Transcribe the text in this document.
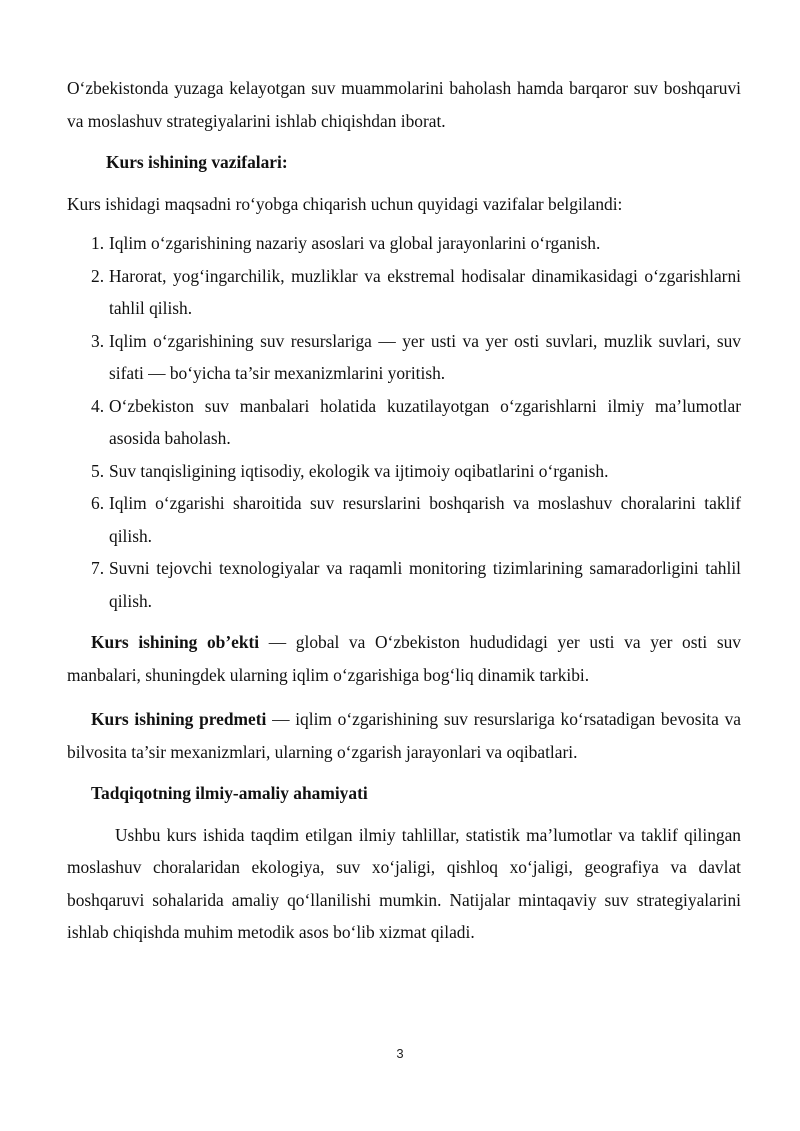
O‘zbekistonda yuzaga kelayotgan suv muammolarini baholash hamda barqaror suv boshqaruvi va moslashuv strategiyalarini ishlab chiqishdan iborat.

Kurs ishining vazifalari:

Kurs ishidagi maqsadni ro‘yobga chiqarish uchun quyidagi vazifalar belgilandi:

1. Iqlim o‘zgarishining nazariy asoslari va global jarayonlarini o‘rganish.
2. Harorat, yog‘ingarchilik, muzliklar va ekstremal hodisalar dinamikasidagi o‘zgarishlarni tahlil qilish.
3. Iqlim o‘zgarishining suv resurslariga — yer usti va yer osti suvlari, muzlik suvlari, suv sifati — bo‘yicha ta’sir mexanizmlarini yoritish.
4. O‘zbekiston suv manbalari holatida kuzatilayotgan o‘zgarishlarni ilmiy ma’lumotlar asosida baholash.
5. Suv tanqisligining iqtisodiy, ekologik va ijtimoiy oqibatlarini o‘rganish.
6. Iqlim o‘zgarishi sharoitida suv resurslarini boshqarish va moslashuv choralarini taklif qilish.
7. Suvni tejovchi texnologiyalar va raqamli monitoring tizimlarining samaradorligini tahlil qilish.

Kurs ishining ob’ekti — global va O‘zbekiston hududidagi yer usti va yer osti suv manbalari, shuningdek ularning iqlim o‘zgarishiga bog‘liq dinamik tarkibi.

Kurs ishining predmeti — iqlim o‘zgarishining suv resurslariga ko‘rsatadigan bevosita va bilvosita ta’sir mexanizmlari, ularning o‘zgarish jarayonlari va oqibatlari.

Tadqiqotning ilmiy-amaliy ahamiyati

Ushbu kurs ishida taqdim etilgan ilmiy tahlillar, statistik ma’lumotlar va taklif qilingan moslashuv choralaridan ekologiya, suv xo‘jaligi, qishloq xo‘jaligi, geografiya va davlat boshqaruvi sohalarida amaliy qo‘llanilishi mumkin. Natijalar mintaqaviy suv strategiyalarini ishlab chiqishda muhim metodik asos bo‘lib xizmat qiladi.

3
